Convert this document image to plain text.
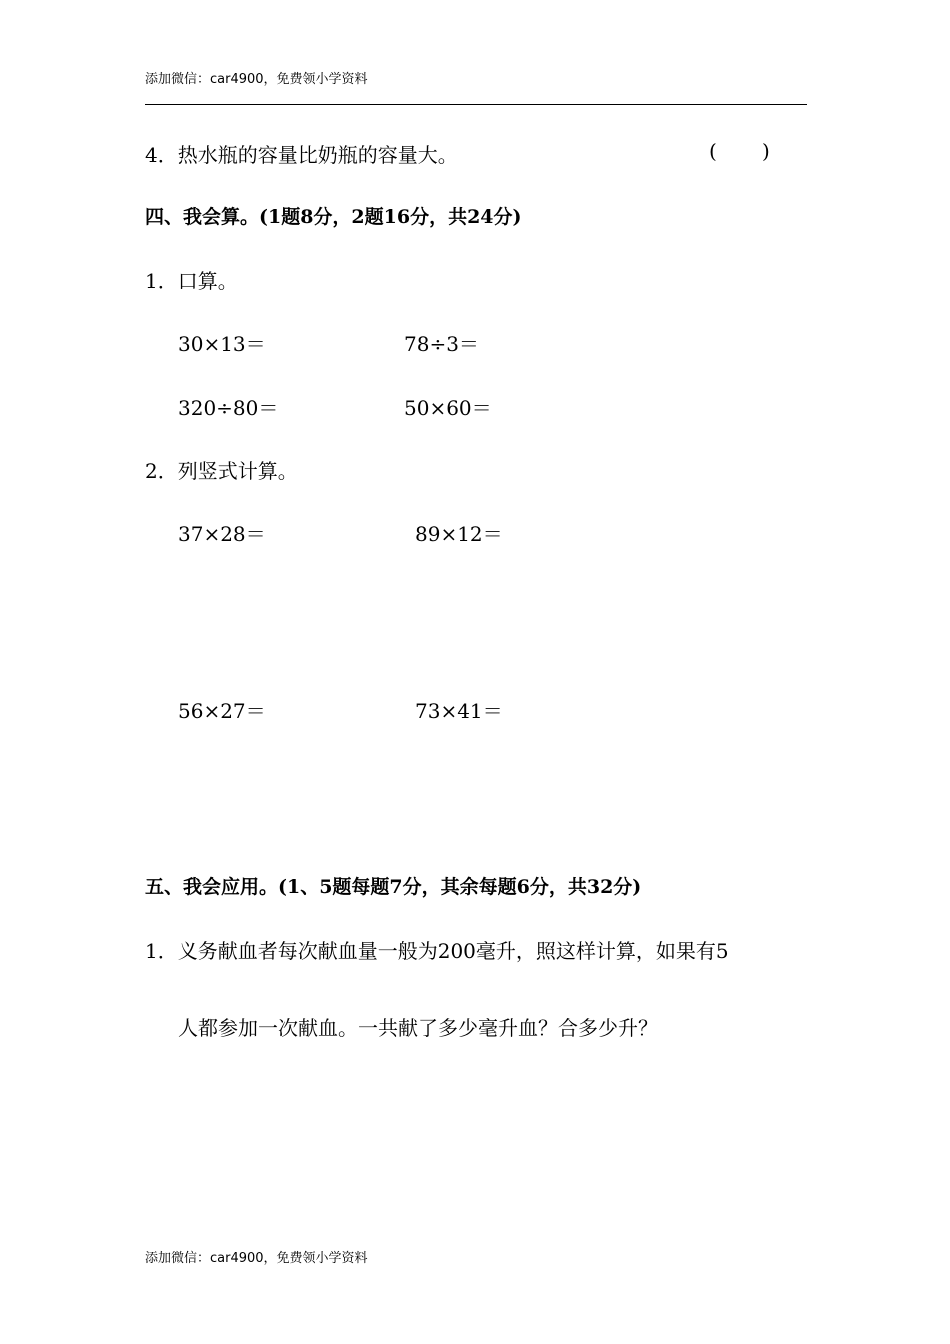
添加微信：car4900，免费领小学资料
4．热水瓶的容量比奶瓶的容量大。	( )
四、我会算。(1题8分，2题16分，共24分)
1．口算。
30×13＝	78÷3＝
320÷80＝	50×60＝
2．列竖式计算。
37×28＝	89×12＝
56×27＝	73×41＝
五、我会应用。(1、5题每题7分，其余每题6分，共32分)
1．义务献血者每次献血量一般为200毫升，照这样计算，如果有5
人都参加一次献血。一共献了多少毫升血？合多少升？
添加微信：car4900，免费领小学资料
